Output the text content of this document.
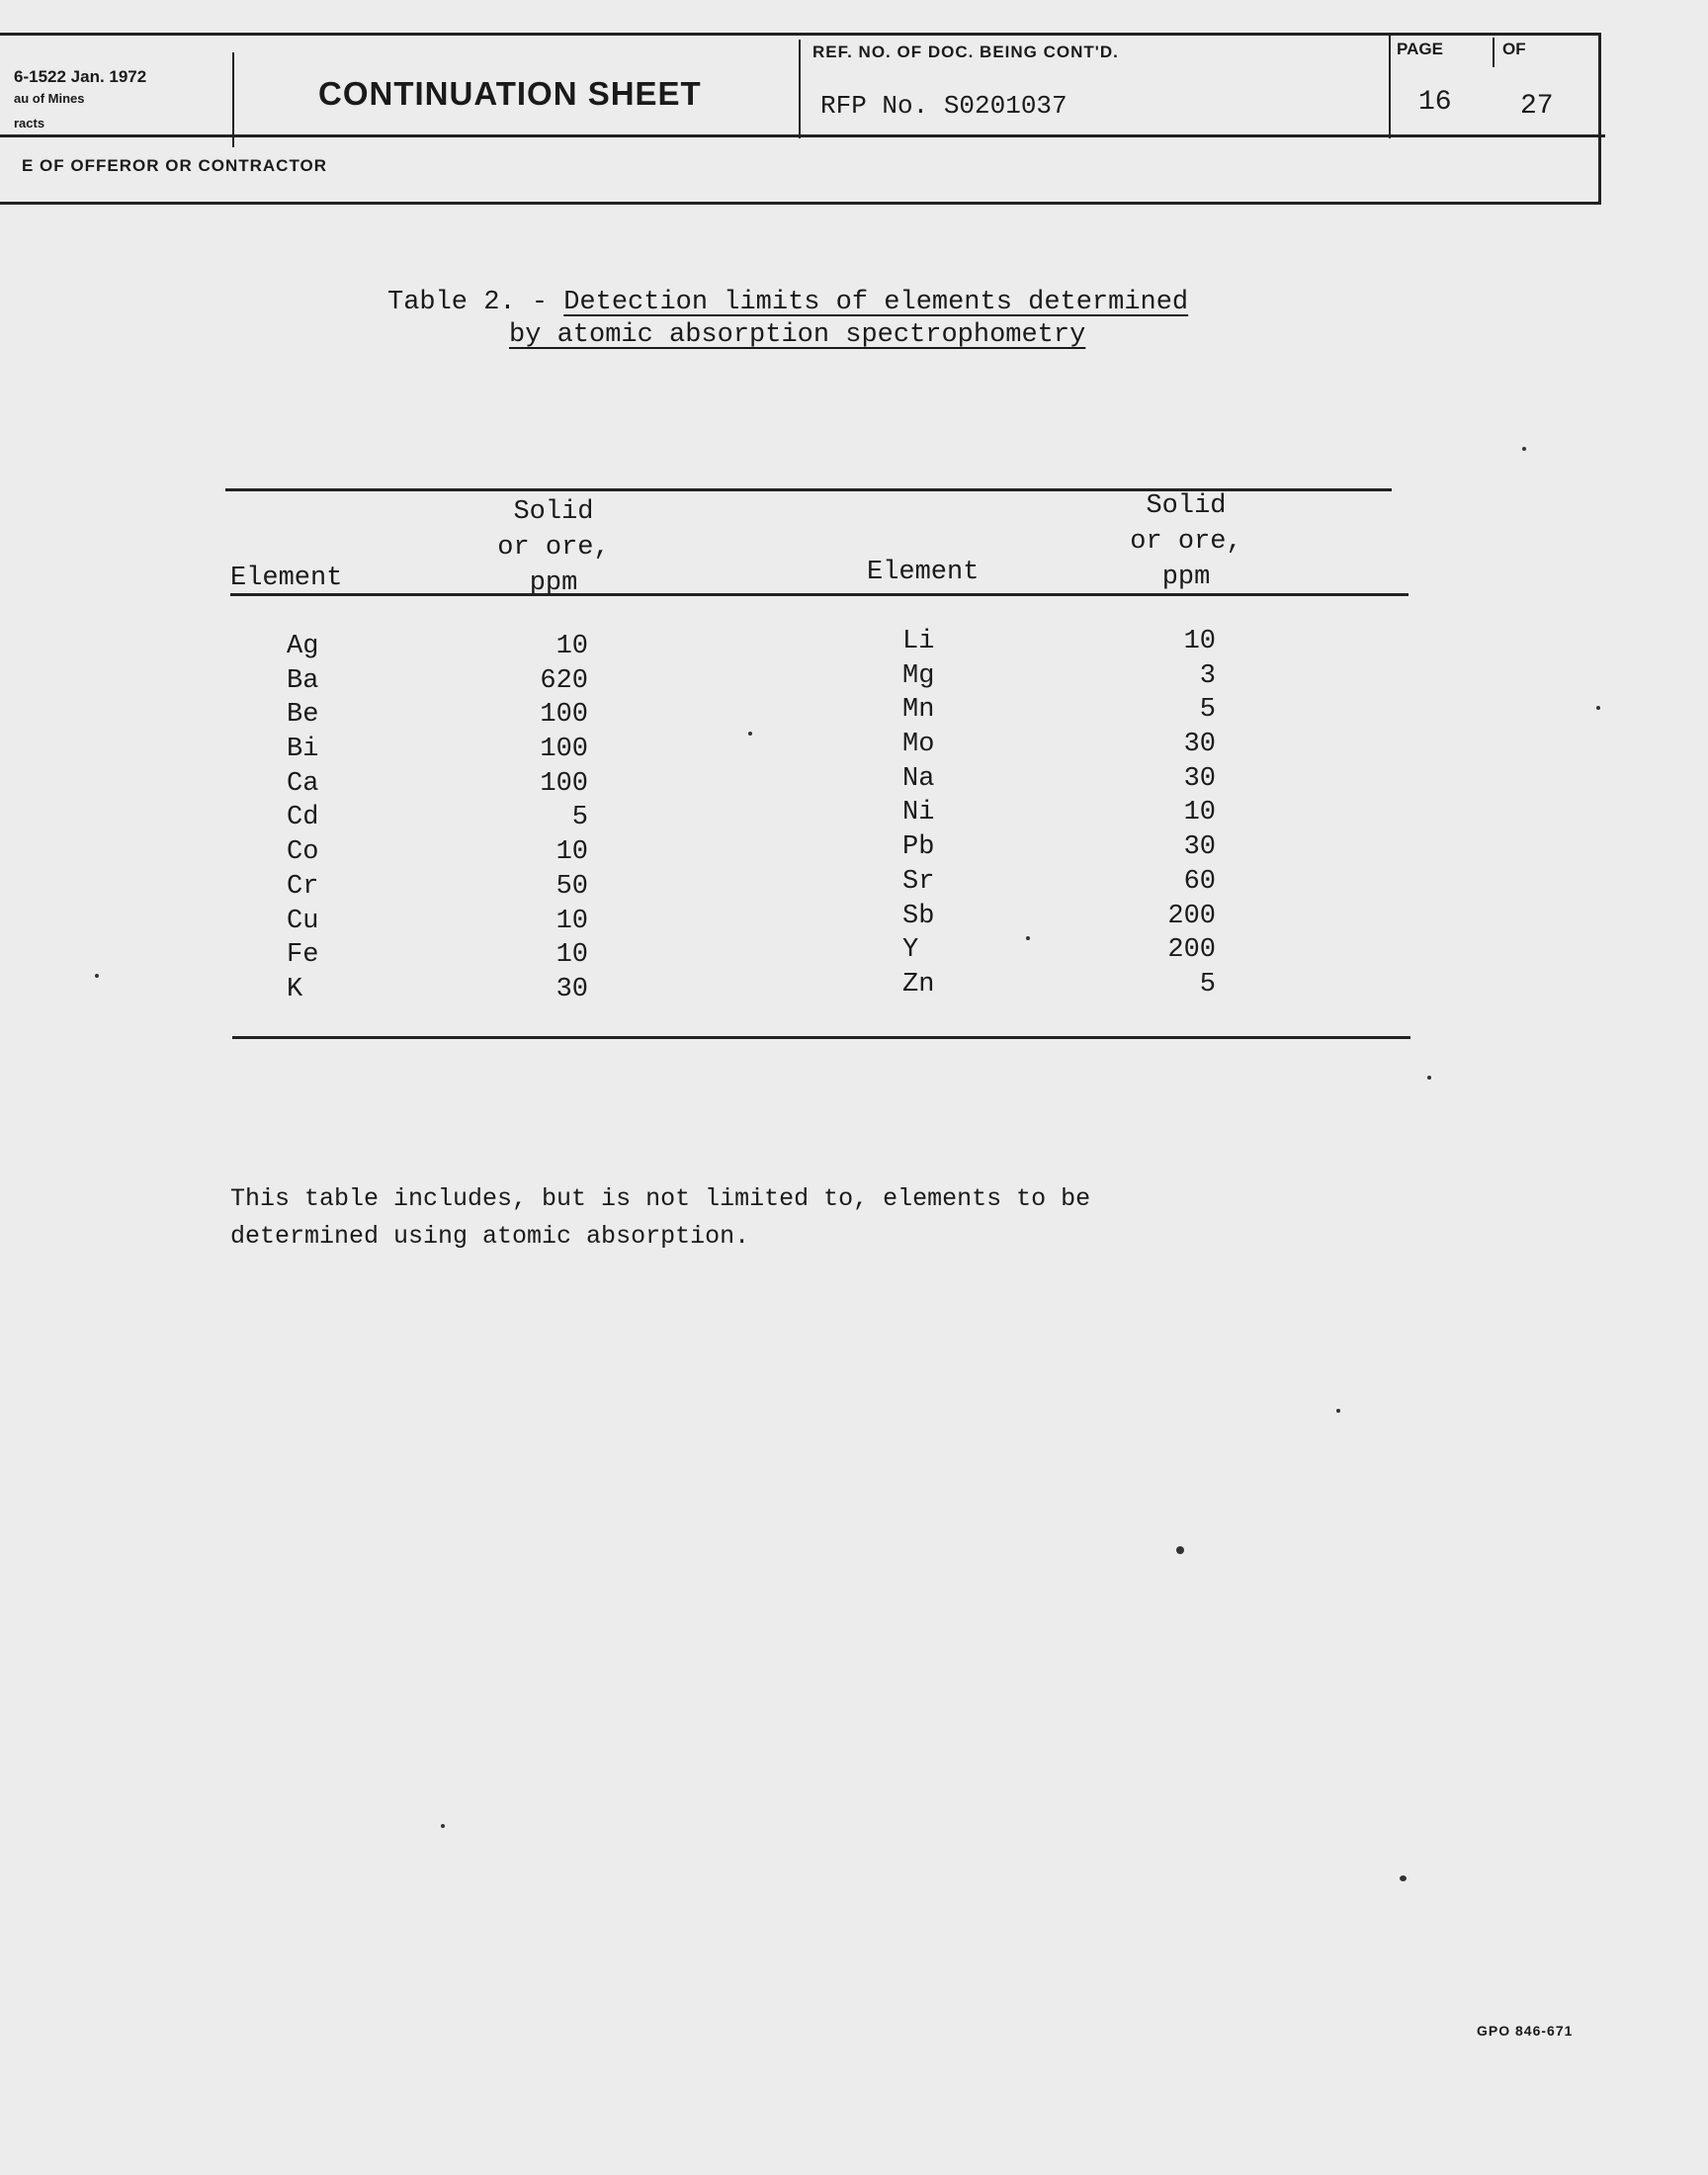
6-1522 Jan. 1972
au of Mines
racts
CONTINUATION SHEET
REF. NO. OF DOC. BEING CONT'D.
RFP No. S0201037
PAGE	OF
16 27
E OF OFFEROR OR CONTRACTOR
Table 2. - Detection limits of elements determined
by atomic absorption spectrophometry
Element
Solid
or ore,
ppm	Element
Solid
or ore,
ppm
Ag
Ba
Be
Bi
Ca
Cd
Co
Cr
Cu
Fe
K
10
620
100
100
100
5
10
50
10
10
30
Li
Mg
Mn
Mo
Na
Ni
Pb
Sr
Sb
Y
Zn
10
3
5
30
30
10
30
60
200
200
5
This table includes, but is not limited to, elements to be
determined using atomic absorption.
GPO 846-671
